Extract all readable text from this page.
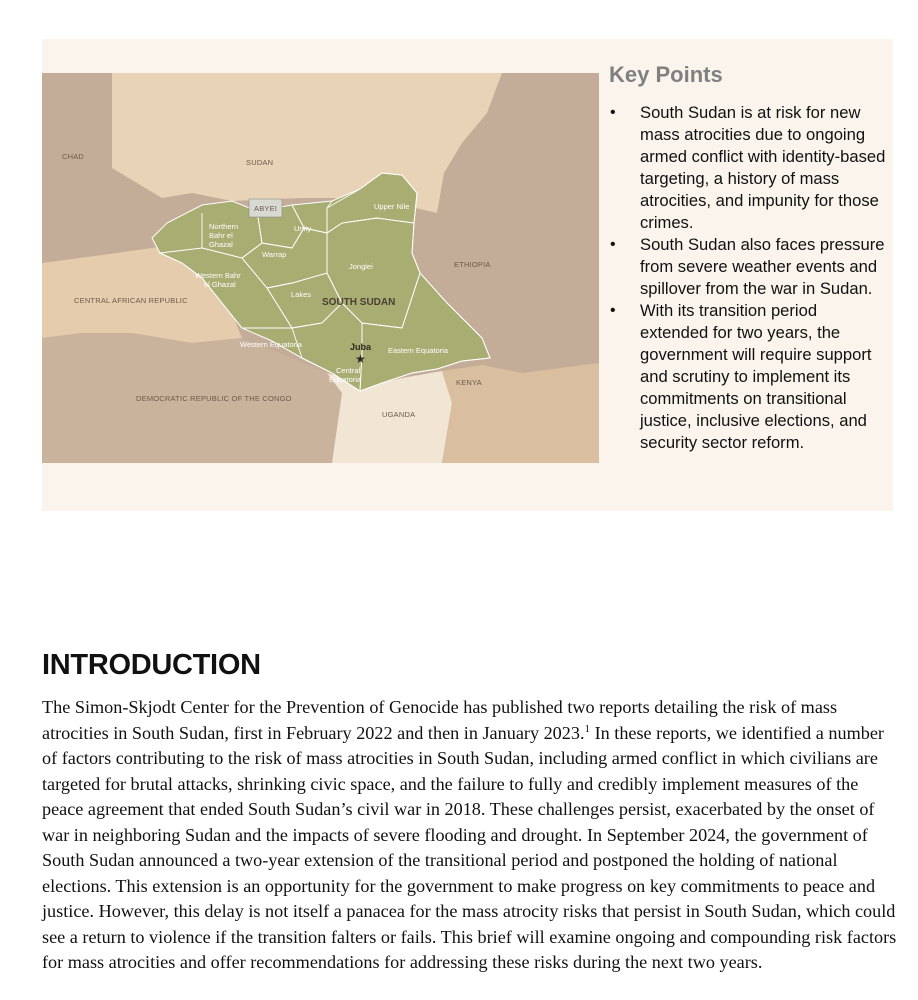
CHAD
SUDAN
ABYEI
ETHIOPIA
CENTRAL AFRICAN REPUBLIC
DEMOCRATIC REPUBLIC OF THE CONGO
UGANDA
KENYA
Upper Nile
Unity
Jonglei
Warrap
Lakes
Northern
Bahr el
Ghazal
Western Bahr
el Ghazal
Western Equatoria
Central
Equatoria
Eastern Equatoria
SOUTH SUDAN
Juba
★
Key Points
• South Sudan is at risk for new mass atrocities due to ongoing armed conflict with identity-based targeting, a history of mass atrocities, and impunity for those crimes.
• South Sudan also faces pressure from severe weather events and spillover from the war in Sudan.
• With its transition period extended for two years, the government will require support and scrutiny to implement its commitments on transitional justice, inclusive elections, and security sector reform.
INTRODUCTION

The Simon-Skjodt Center for the Prevention of Genocide has published two reports detailing the risk of mass atrocities in South Sudan, first in February 2022 and then in January 2023.$^1$ In these reports, we identified a number of factors contributing to the risk of mass atrocities in South Sudan, including armed conflict in which civilians are targeted for brutal attacks, shrinking civic space, and the failure to fully and credibly implement measures of the peace agreement that ended South Sudan’s civil war in 2018. These challenges persist, exacerbated by the onset of war in neighboring Sudan and the impacts of severe flooding and drought. In September 2024, the government of South Sudan announced a two-year extension of the transitional period and postponed the holding of national elections. This extension is an opportunity for the government to make progress on key commitments to peace and justice. However, this delay is not itself a panacea for the mass atrocity risks that persist in South Sudan, which could see a return to violence if the transition falters or fails. This brief will examine ongoing and compounding risk factors for mass atrocities and offer recommendations for addressing these risks during the next two years.
